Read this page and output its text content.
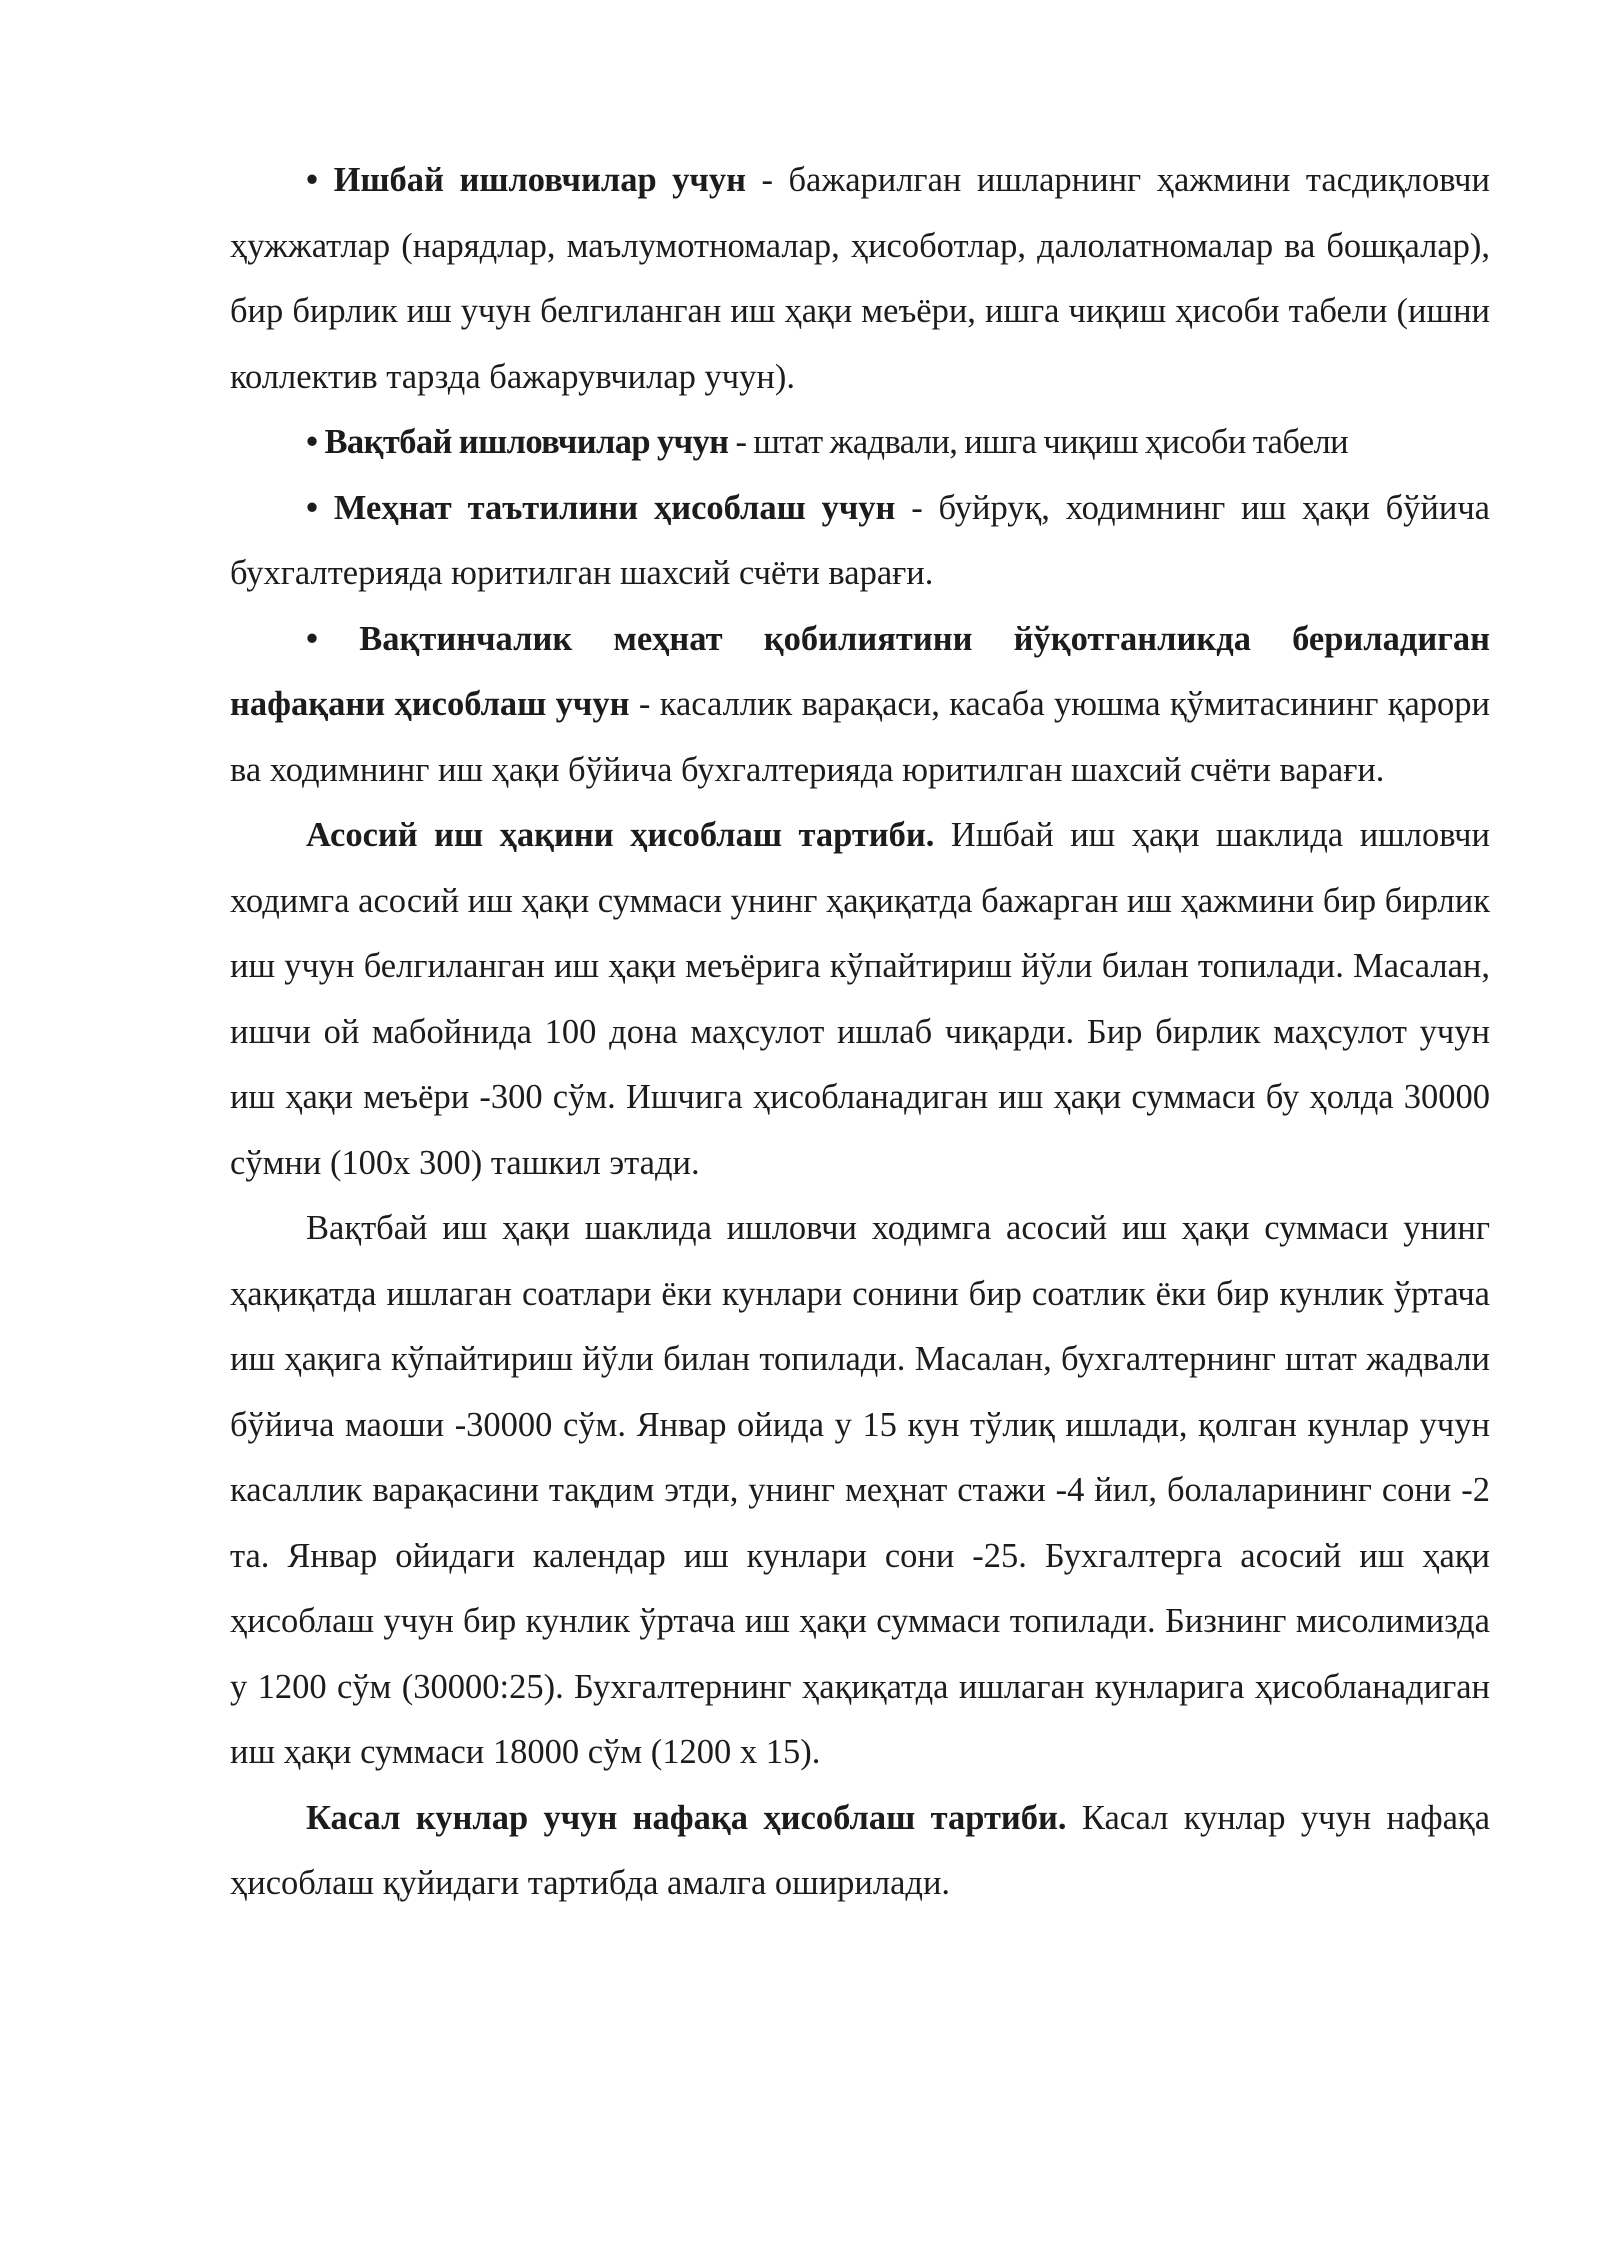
• Ишбай ишловчилар учун - бажарилган ишларнинг ҳажмини тасдиқловчи ҳужжатлар (нарядлар, маълумотномалар, ҳисоботлар, далолатномалар ва бошқалар), бир бирлик иш учун белгиланган иш ҳақи меъёри, ишга чиқиш ҳисоби табели (ишни коллектив тарзда бажарувчилар учун).

• Вақтбай ишловчилар учун - штат жадвали, ишга чиқиш ҳисоби табели

• Меҳнат таътилини ҳисоблаш учун - буйруқ, ходимнинг иш ҳақи бўйича бухгалтерияда юритилган шахсий счёти варағи.

• Вақтинчалик меҳнат қобилиятини йўқотганликда бериладиган нафақани ҳисоблаш учун - касаллик варақаси, касаба уюшма қўмитасининг қарори ва ходимнинг иш ҳақи бўйича бухгалтерияда юритилган шахсий счёти варағи.

Асосий иш ҳақини ҳисоблаш тартиби. Ишбай иш ҳақи шаклида ишловчи ходимга асосий иш ҳақи суммаси унинг ҳақиқатда бажарган иш ҳажмини бир бирлик иш учун белгиланган иш ҳақи меъёрига кўпайтириш йўли билан топилади. Масалан, ишчи ой мабойнида 100 дона маҳсулот ишлаб чиқарди. Бир бирлик маҳсулот учун иш ҳақи меъёри -300 сўм. Ишчига ҳисобланадиган иш ҳақи суммаси бу ҳолда 30000 сўмни (100х 300) ташкил этади.

Вақтбай иш ҳақи шаклида ишловчи ходимга асосий иш ҳақи суммаси унинг ҳақиқатда ишлаган соатлари ёки кунлари сонини бир соатлик ёки бир кунлик ўртача иш ҳақига кўпайтириш йўли билан топилади. Масалан, бухгалтернинг штат жадвали бўйича маоши -30000 сўм. Январ ойида у 15 кун тўлиқ ишлади, қолган кунлар учун касаллик варақасини тақдим этди, унинг меҳнат стажи -4 йил, болаларининг сони -2 та. Январ ойидаги календар иш кунлари сони -25. Бухгалтерга асосий иш ҳақи ҳисоблаш учун бир кунлик ўртача иш ҳақи суммаси топилади. Бизнинг мисолимизда у 1200 сўм (30000:25). Бухгалтернинг ҳақиқатда ишлаган кунларига ҳисобланадиган иш ҳақи суммаси 18000 сўм (1200 х 15).

Касал кунлар учун нафақа ҳисоблаш тартиби. Касал кунлар учун нафақа ҳисоблаш қуйидаги тартибда амалга оширилади.
